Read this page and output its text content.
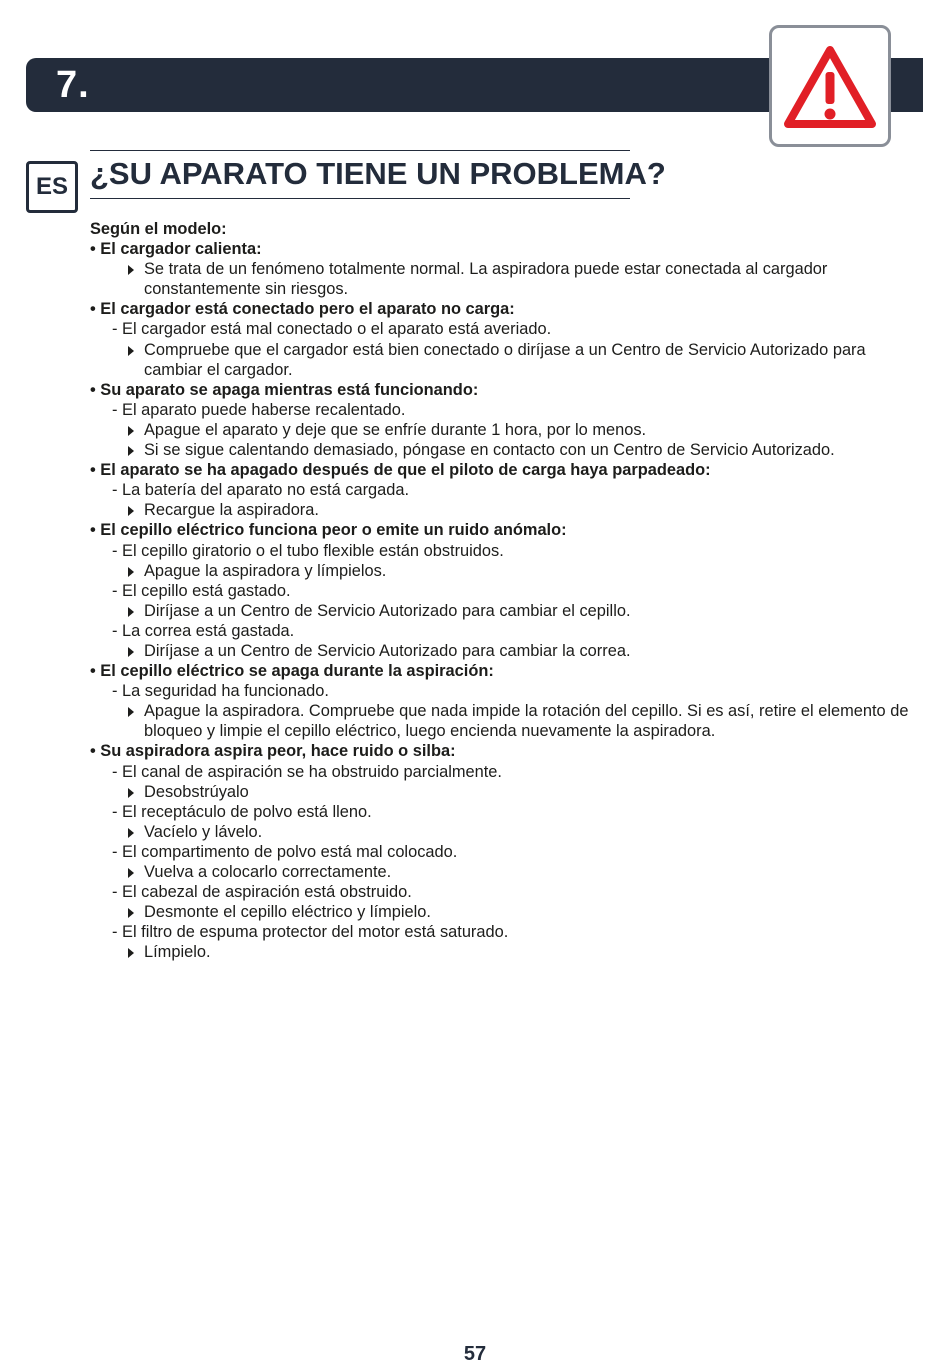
7.
ES ¿SU APARATO TIENE UN PROBLEMA?
Según el modelo:
• El cargador calienta:
Se trata de un fenómeno totalmente normal. La aspiradora puede estar conectada al cargador constantemente sin riesgos.
• El cargador está conectado pero el aparato no carga:
- El cargador está mal conectado o el aparato está averiado.
Compruebe que el cargador está bien conectado o diríjase a un Centro de Servicio Autorizado para cambiar el cargador.
• Su aparato se apaga mientras está funcionando:
- El aparato puede haberse recalentado.
Apague el aparato y deje que se enfríe durante 1 hora, por lo menos.
Si se sigue calentando demasiado, póngase en contacto con un Centro de Servicio Autorizado.
• El aparato se ha apagado después de que el piloto de carga haya parpadeado:
- La batería del aparato no está cargada.
Recargue la aspiradora.
• El cepillo eléctrico funciona peor o emite un ruido anómalo:
- El cepillo giratorio o el tubo flexible están obstruidos.
Apague la aspiradora y límpielos.
- El cepillo está gastado.
Diríjase a un Centro de Servicio Autorizado para cambiar el cepillo.
- La correa está gastada.
Diríjase a un Centro de Servicio Autorizado para cambiar la correa.
• El cepillo eléctrico se apaga durante la aspiración:
- La seguridad ha funcionado.
Apague la aspiradora. Compruebe que nada impide la rotación del cepillo. Si es así, retire el elemento de bloqueo y limpie el cepillo eléctrico, luego encienda nuevamente la aspiradora.
• Su aspiradora aspira peor, hace ruido o silba:
- El canal de aspiración se ha obstruido parcialmente.
Desobstrúyalo
- El receptáculo de polvo está lleno.
Vacíelo y lávelo.
- El compartimento de polvo está mal colocado.
Vuelva a colocarlo correctamente.
- El cabezal de aspiración está obstruido.
Desmonte el cepillo eléctrico y límpielo.
- El filtro de espuma protector del motor está saturado.
Límpielo.
57
